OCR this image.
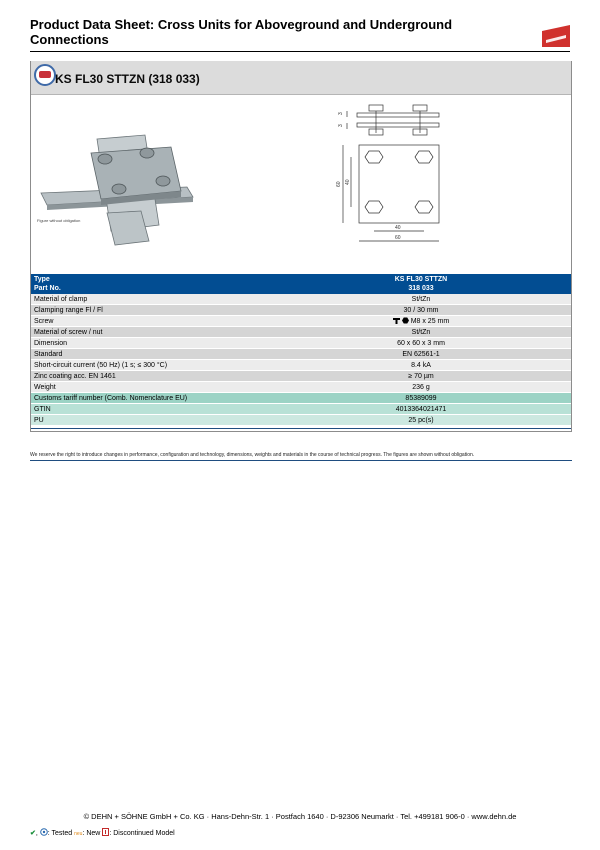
Product Data Sheet: Cross Units for Aboveground and Underground Connections
KS FL30 STTZN (318 033)
Figure without obligation
3
3
60 40
40
60
Type	KS FL30 STTZN
Part No.	318 033
Material of clamp	St/tZn
Clamping range Fl / Fl	30 / 30 mm
Screw	M8 x 25 mm
Material of screw / nut	St/tZn
Dimension	60 x 60 x 3 mm
Standard	EN 62561-1
Short-circuit current (50 Hz) (1 s; ≤ 300 °C)	8.4 kA
Zinc coating acc. EN 1461	≥ 70 µm
Weight	236 g
Customs tariff number (Comb. Nomenclature EU)	85389099
GTIN	4013364021471
PU	25 pc(s)
We reserve the right to introduce changes in performance, configuration and technology, dimensions, weights and materials in the course of technical progress. The figures are shown without obligation.
© DEHN + SÖHNE GmbH + Co. KG · Hans-Dehn-Str. 1 · Postfach 1640 · D-92306 Neumarkt · Tel. +499181 906-0 · www.dehn.de
✔, : Tested neu: New : Discontinued Model
